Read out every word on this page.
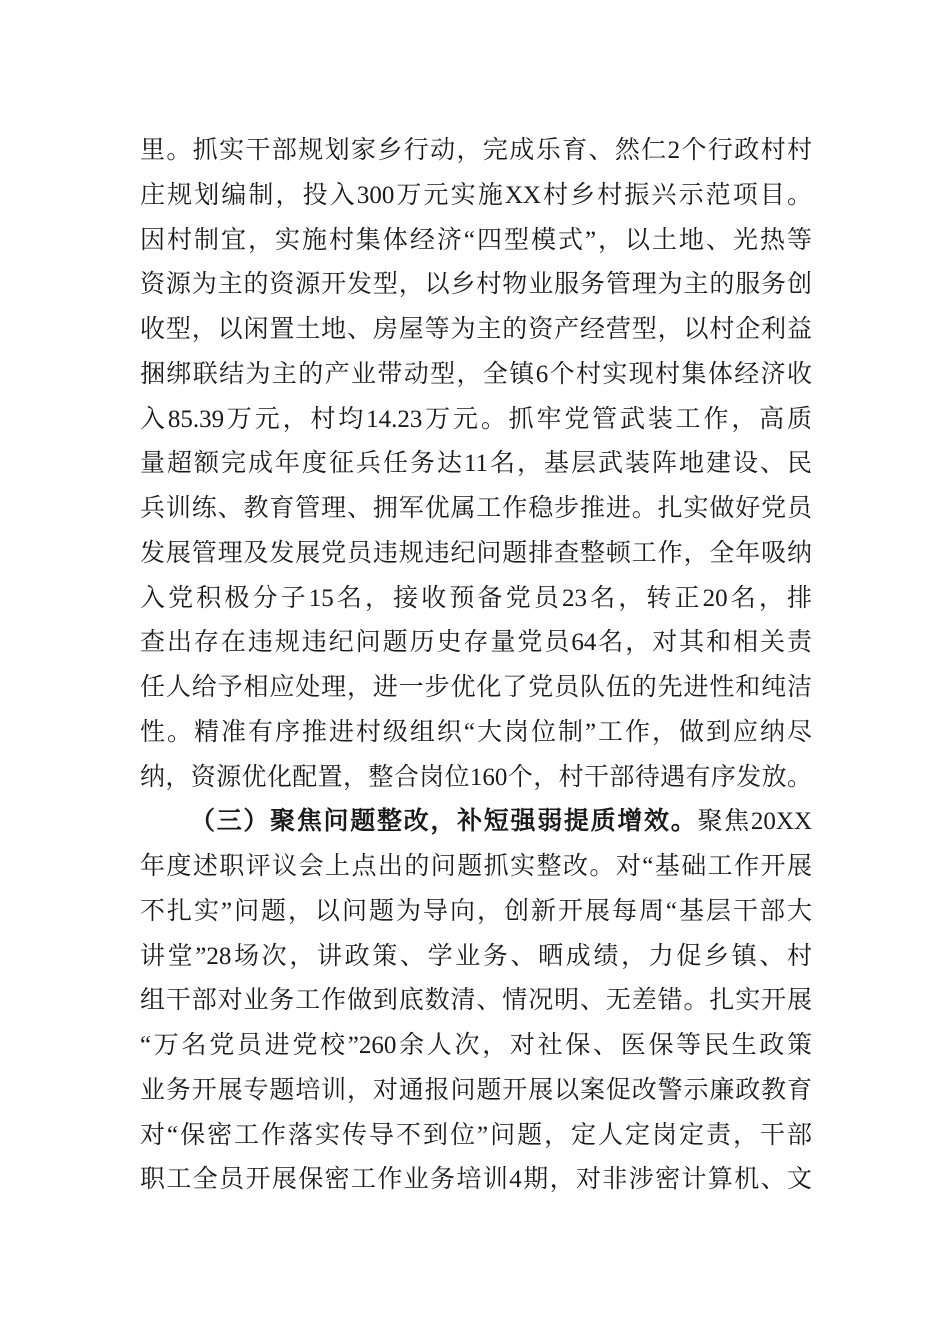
里。抓实干部规划家乡行动，完成乐育、然仁2个行政村村
庄规划编制，投入300万元实施XX村乡村振兴示范项目。
因村制宜，实施村集体经济“四型模式”，以土地、光热等
资源为主的资源开发型，以乡村物业服务管理为主的服务创
收型，以闲置土地、房屋等为主的资产经营型，以村企利益
捆绑联结为主的产业带动型，全镇6个村实现村集体经济收
入85.39万元，村均14.23万元。抓牢党管武装工作，高质
量超额完成年度征兵任务达11名，基层武装阵地建设、民
兵训练、教育管理、拥军优属工作稳步推进。扎实做好党员
发展管理及发展党员违规违纪问题排查整顿工作，全年吸纳
入党积极分子15名，接收预备党员23名，转正20名，排
查出存在违规违纪问题历史存量党员64名，对其和相关责
任人给予相应处理，进一步优化了党员队伍的先进性和纯洁
性。精准有序推进村级组织“大岗位制”工作，做到应纳尽
纳，资源优化配置，整合岗位160个，村干部待遇有序发放。
（三）聚焦问题整改，补短强弱提质增效。聚焦20XX
年度述职评议会上点出的问题抓实整改。对“基础工作开展
不扎实”问题，以问题为导向，创新开展每周“基层干部大
讲堂”28场次，讲政策、学业务、晒成绩，力促乡镇、村
组干部对业务工作做到底数清、情况明、无差错。扎实开展
“万名党员进党校”260余人次，对社保、医保等民生政策
业务开展专题培训，对通报问题开展以案促改警示廉政教育
对“保密工作落实传导不到位”问题，定人定岗定责，干部
职工全员开展保密工作业务培训4期，对非涉密计算机、文
